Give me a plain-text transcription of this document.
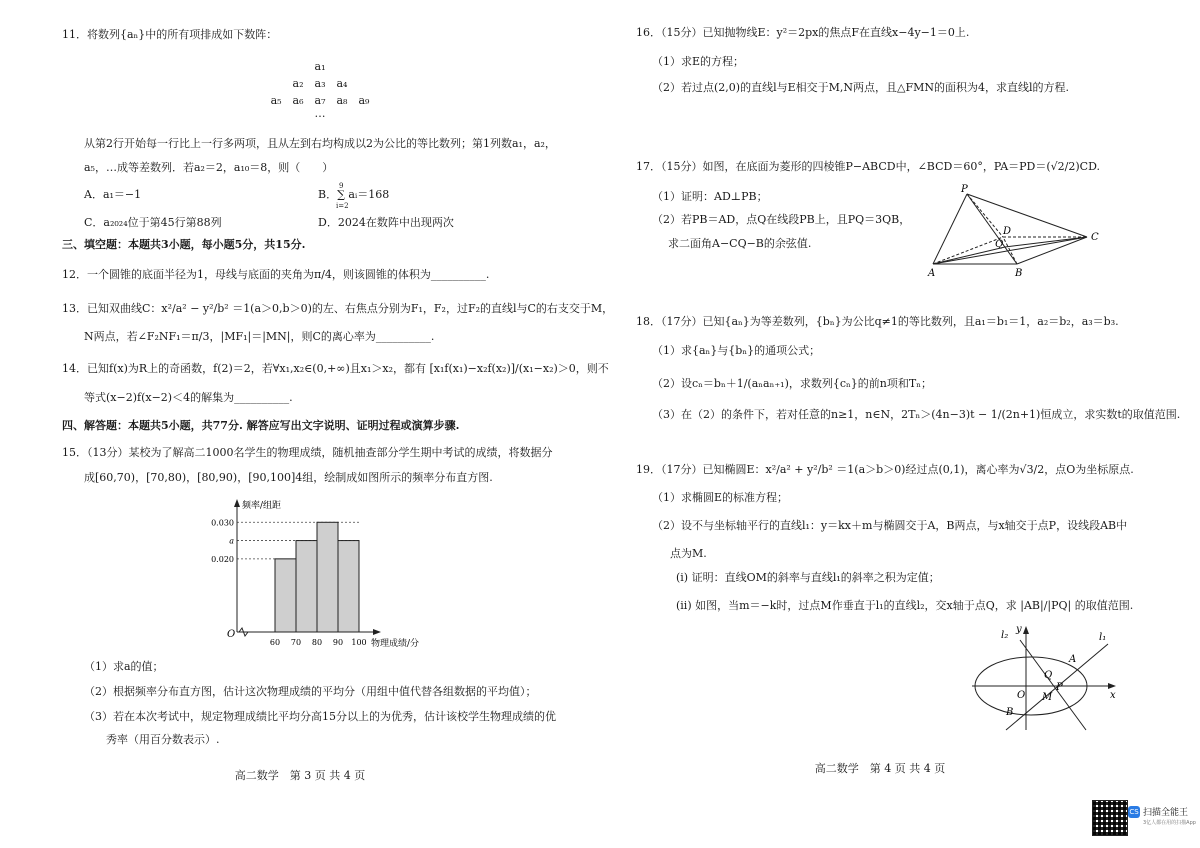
11．将数列{aₙ}中的所有项排成如下数阵：
a₁
a₂　a₃　a₄
a₅　a₆　a₇　a₈　a₉
…
从第2行开始每一行比上一行多两项，且从左到右均构成以2为公比的等比数列；第1列数a₁，a₂，
a₅，…成等差数列．若a₂＝2，a₁₀＝8，则（　　）
A．a₁＝−1	B．∑ aᵢ＝168
9
i=2
C．a₂₀₂₄位于第45行第88列	D．2024在数阵中出现两次
三、填空题：本题共3小题，每小题5分，共15分.
12．一个圆锥的底面半径为1，母线与底面的夹角为π/4，则该圆锥的体积为__________.
13．已知双曲线C：x²/a² − y²/b² ＝1(a＞0,b＞0)的左、右焦点分别为F₁，F₂，过F₂的直线l与C的右支交于M，
N两点，若∠F₂NF₁＝π/3，|MF₁|＝|MN|，则C的离心率为__________.
14．已知f(x)为R上的奇函数，f(2)＝2，若∀x₁,x₂∈(0,+∞)且x₁＞x₂，都有 [x₁f(x₁)−x₂f(x₂)]/(x₁−x₂)＞0，则不
等式(x−2)f(x−2)＜4的解集为__________.
四、解答题：本题共5小题，共77分. 解答应写出文字说明、证明过程或演算步骤.
15．（13分）某校为了解高二1000名学生的物理成绩，随机抽查部分学生期中考试的成绩，将数据分
成[60,70)，[70,80)，[80,90)，[90,100]4组，绘制成如图所示的频率分布直方图.
0.030
a
0.020
60 70 80 90 100
O
频率/组距
物理成绩/分
（1）求a的值；
（2）根据频率分布直方图，估计这次物理成绩的平均分（用组中值代替各组数据的平均值）；
（3）若在本次考试中，规定物理成绩比平均分高15分以上的为优秀，估计该校学生物理成绩的优
秀率（用百分数表示）.
高二数学　第 3 页 共 4 页
16．（15分）已知抛物线E：y²＝2px的焦点F在直线x−4y−1＝0上.
（1）求E的方程；
（2）若过点(2,0)的直线l与E相交于M,N两点，且△FMN的面积为4，求直线l的方程.
17．（15分）如图，在底面为菱形的四棱锥P−ABCD中，∠BCD＝60°，PA＝PD＝(√2/2)CD.
（1）证明：AD⊥PB；
（2）若PB＝AD，点Q在线段PB上，且PQ＝3QB，
求二面角A−CQ−B的余弦值.
P
A	B
C
D
Q
18．（17分）已知{aₙ}为等差数列，{bₙ}为公比q≠1的等比数列，且a₁＝b₁＝1，a₂＝b₂，a₃＝b₃.
（1）求{aₙ}与{bₙ}的通项公式；
（2）设cₙ＝bₙ＋1/(aₙaₙ₊₁)，求数列{cₙ}的前n项和Tₙ；
（3）在（2）的条件下，若对任意的n≥1，n∈N，2Tₙ＞(4n−3)t − 1/(2n+1)恒成立，求实数t的取值范围.
19．（17分）已知椭圆E：x²/a² + y²/b² ＝1(a＞b＞0)经过点(0,1)，离心率为√3/2，点O为坐标原点.
（1）求椭圆E的标准方程；
（2）设不与坐标轴平行的直线l₁：y＝kx＋m与椭圆交于A，B两点，与x轴交于点P，设线段AB中
点为M.
(i) 证明：直线OM的斜率与直线l₁的斜率之积为定值；
(ii) 如图，当m＝−k时，过点M作垂直于l₁的直线l₂，交x轴于点Q，求 |AB|/|PQ| 的取值范围.
y
x
O
l₁
l₂
A
B
Q
P
M
高二数学　第 4 页 共 4 页
CS 扫描全能王
3亿人都在用的扫描App
